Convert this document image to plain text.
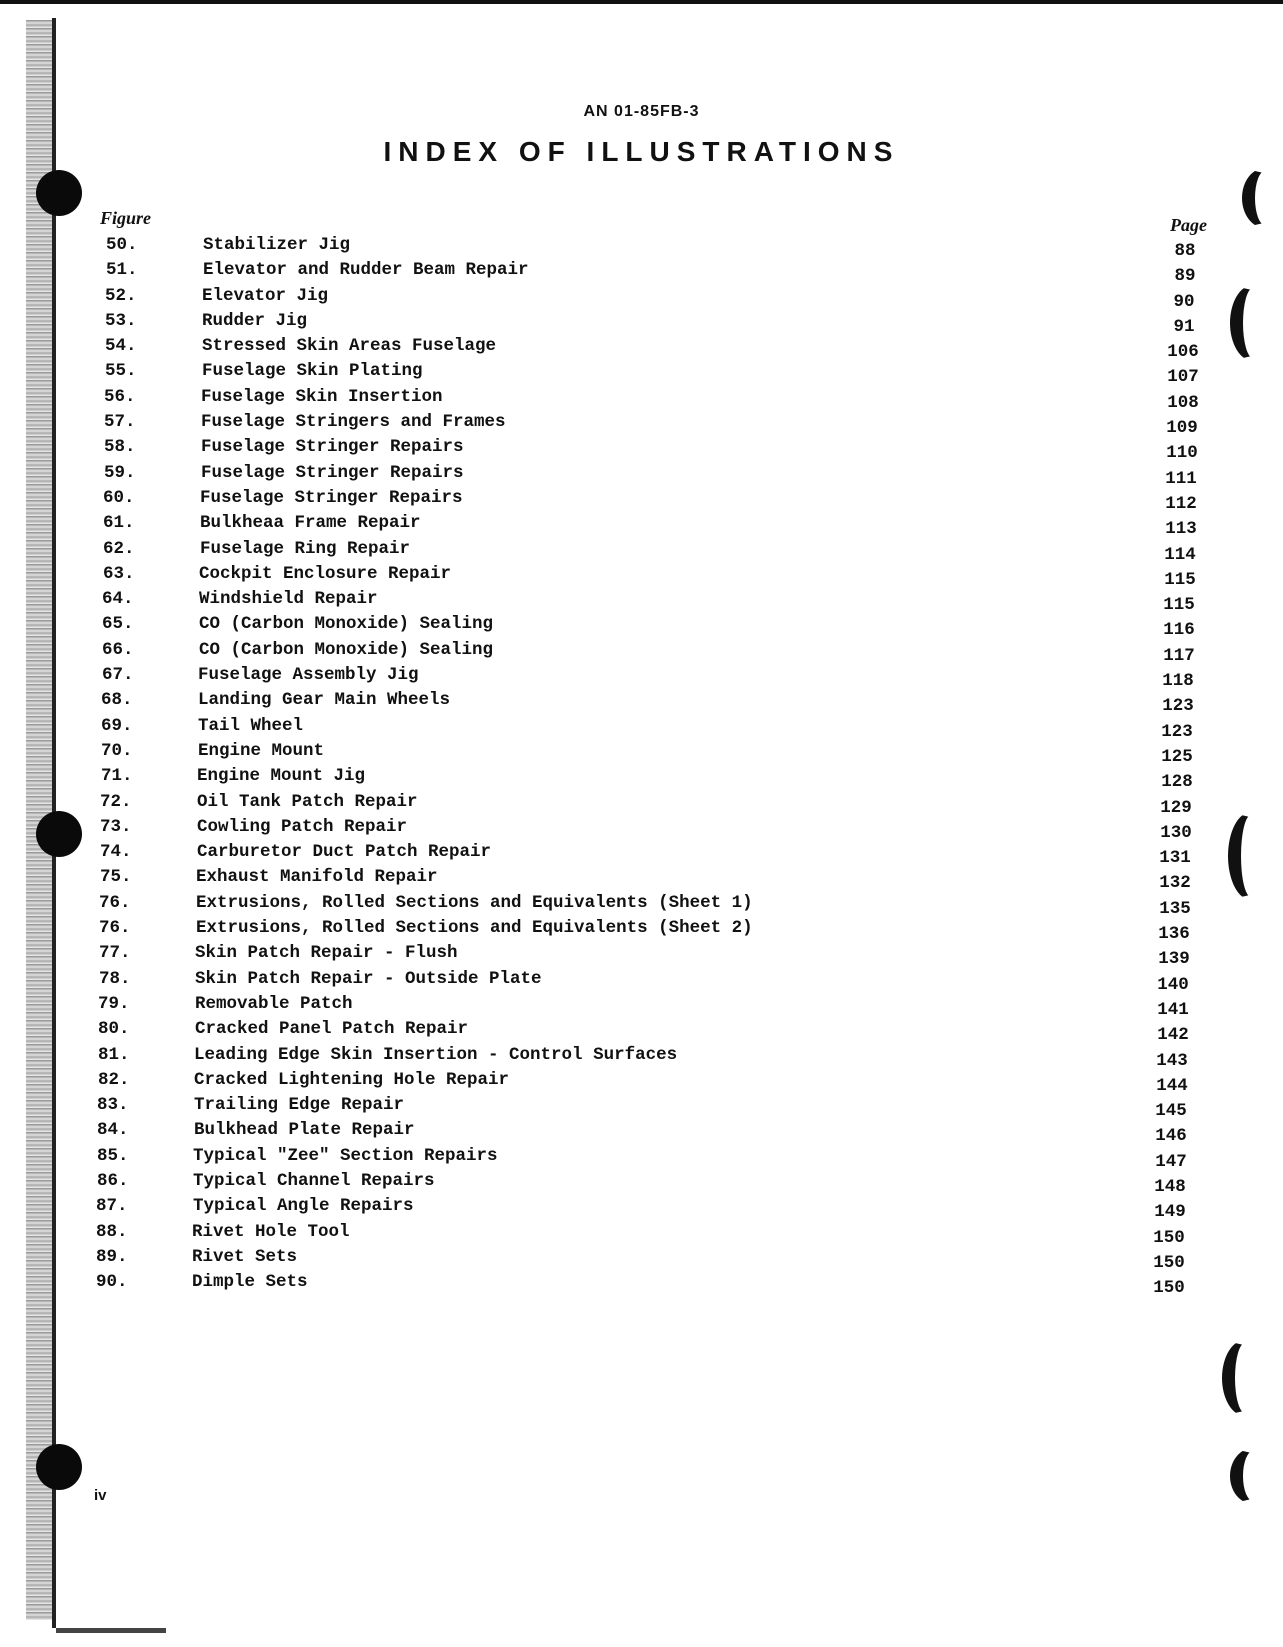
AN 01-85FB-3
INDEX OF ILLUSTRATIONS
Figure	Page
50.	Stabilizer Jig	88
51.	Elevator and Rudder Beam Repair	89
52.	Elevator Jig	90
53.	Rudder Jig	91
54.	Stressed Skin Areas Fuselage	106
55.	Fuselage Skin Plating	107
56.	Fuselage Skin Insertion	108
57.	Fuselage Stringers and Frames	109
58.	Fuselage Stringer Repairs	110
59.	Fuselage Stringer Repairs	111
60.	Fuselage Stringer Repairs	112
61.	Bulkheaa Frame Repair	113
62.	Fuselage Ring Repair	114
63.	Cockpit Enclosure Repair	115
64.	Windshield Repair	115
65.	CO (Carbon Monoxide) Sealing	116
66.	CO (Carbon Monoxide) Sealing	117
67.	Fuselage Assembly Jig	118
68.	Landing Gear Main Wheels	123
69.	Tail Wheel	123
70.	Engine Mount	125
71.	Engine Mount Jig	128
72.	Oil Tank Patch Repair	129
73.	Cowling Patch Repair	130
74.	Carburetor Duct Patch Repair	131
75.	Exhaust Manifold Repair	132
76.	Extrusions, Rolled Sections and Equivalents (Sheet 1)	135
76.	Extrusions, Rolled Sections and Equivalents (Sheet 2)	136
77.	Skin Patch Repair - Flush	139
78.	Skin Patch Repair - Outside Plate	140
79.	Removable Patch	141
80.	Cracked Panel Patch Repair	142
81.	Leading Edge Skin Insertion - Control Surfaces	143
82.	Cracked Lightening Hole Repair	144
83.	Trailing Edge Repair	145
84.	Bulkhead Plate Repair	146
85.	Typical "Zee" Section Repairs	147
86.	Typical Channel Repairs	148
87.	Typical Angle Repairs	149
88.	Rivet Hole Tool	150
89.	Rivet Sets	150
90.	Dimple Sets	150
iv
